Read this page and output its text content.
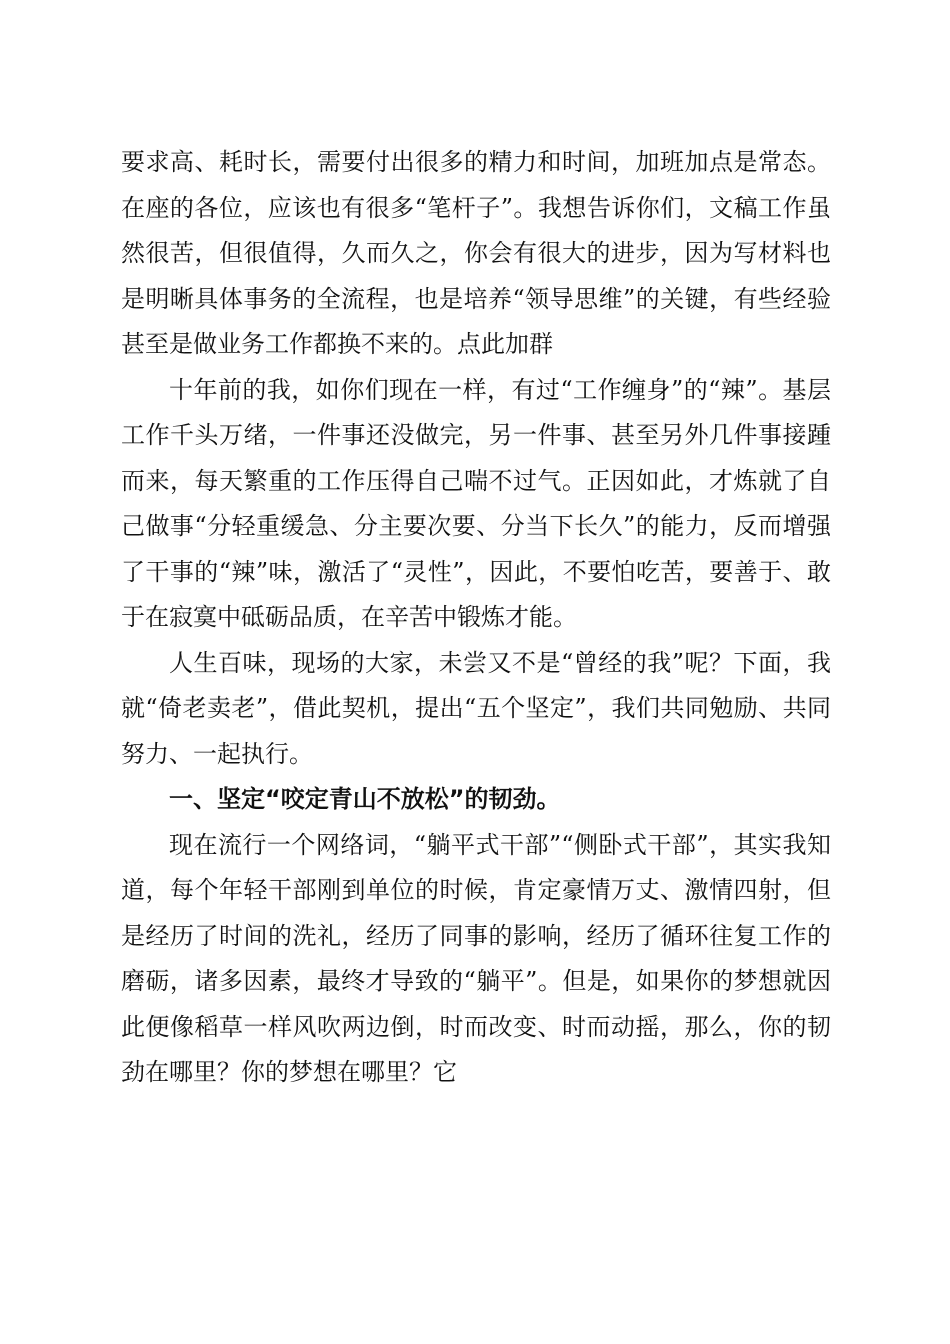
要求高、耗时长，需要付出很多的精力和时间，加班加点是常态。在座的各位，应该也有很多“笔杆子”。我想告诉你们，文稿工作虽然很苦，但很值得，久而久之，你会有很大的进步，因为写材料也是明晰具体事务的全流程，也是培养“领导思维”的关键，有些经验甚至是做业务工作都换不来的。点此加群

十年前的我，如你们现在一样，有过“工作缠身”的“辣”。基层工作千头万绪，一件事还没做完，另一件事、甚至另外几件事接踵而来，每天繁重的工作压得自己喘不过气。正因如此，才炼就了自己做事“分轻重缓急、分主要次要、分当下长久”的能力，反而增强了干事的“辣”味，激活了“灵性”，因此，不要怕吃苦，要善于、敢于在寂寞中砥砺品质，在辛苦中锻炼才能。

人生百味，现场的大家，未尝又不是“曾经的我”呢？下面，我就“倚老卖老”，借此契机，提出“五个坚定”，我们共同勉励、共同努力、一起执行。

一、坚定“咬定青山不放松”的韧劲。

现在流行一个网络词，“躺平式干部”“侧卧式干部”，其实我知道，每个年轻干部刚到单位的时候，肯定豪情万丈、激情四射，但是经历了时间的洗礼，经历了同事的影响，经历了循环往复工作的磨砺，诸多因素，最终才导致的“躺平”。但是，如果你的梦想就因此便像稻草一样风吹两边倒，时而改变、时而动摇，那么，你的韧劲在哪里？你的梦想在哪里？它
